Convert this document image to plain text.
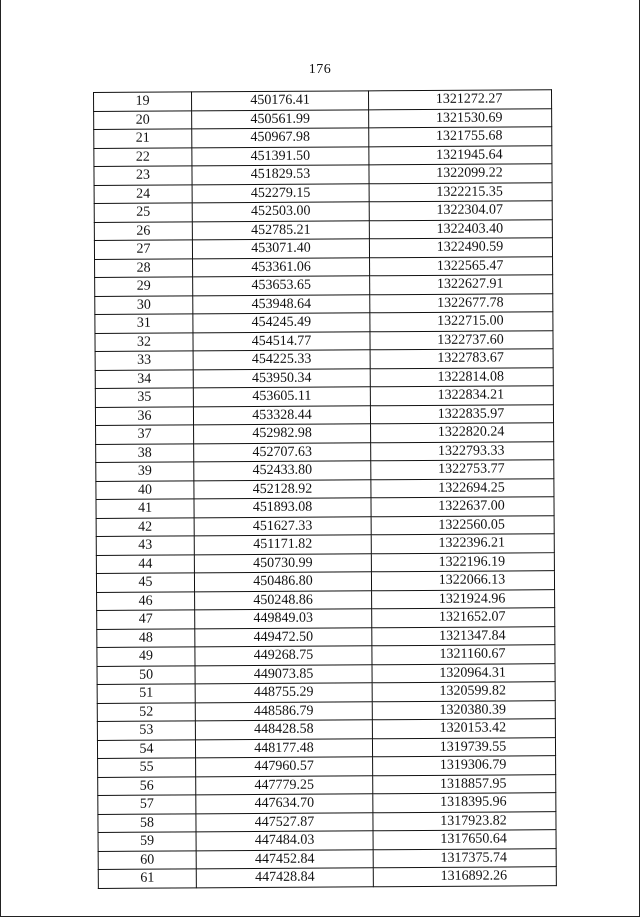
176
19	450176.41	1321272.27
20	450561.99	1321530.69
21	450967.98	1321755.68
22	451391.50	1321945.64
23	451829.53	1322099.22
24	452279.15	1322215.35
25	452503.00	1322304.07
26	452785.21	1322403.40
27	453071.40	1322490.59
28	453361.06	1322565.47
29	453653.65	1322627.91
30	453948.64	1322677.78
31	454245.49	1322715.00
32	454514.77	1322737.60
33	454225.33	1322783.67
34	453950.34	1322814.08
35	453605.11	1322834.21
36	453328.44	1322835.97
37	452982.98	1322820.24
38	452707.63	1322793.33
39	452433.80	1322753.77
40	452128.92	1322694.25
41	451893.08	1322637.00
42	451627.33	1322560.05
43	451171.82	1322396.21
44	450730.99	1322196.19
45	450486.80	1322066.13
46	450248.86	1321924.96
47	449849.03	1321652.07
48	449472.50	1321347.84
49	449268.75	1321160.67
50	449073.85	1320964.31
51	448755.29	1320599.82
52	448586.79	1320380.39
53	448428.58	1320153.42
54	448177.48	1319739.55
55	447960.57	1319306.79
56	447779.25	1318857.95
57	447634.70	1318395.96
58	447527.87	1317923.82
59	447484.03	1317650.64
60	447452.84	1317375.74
61	447428.84	1316892.26
